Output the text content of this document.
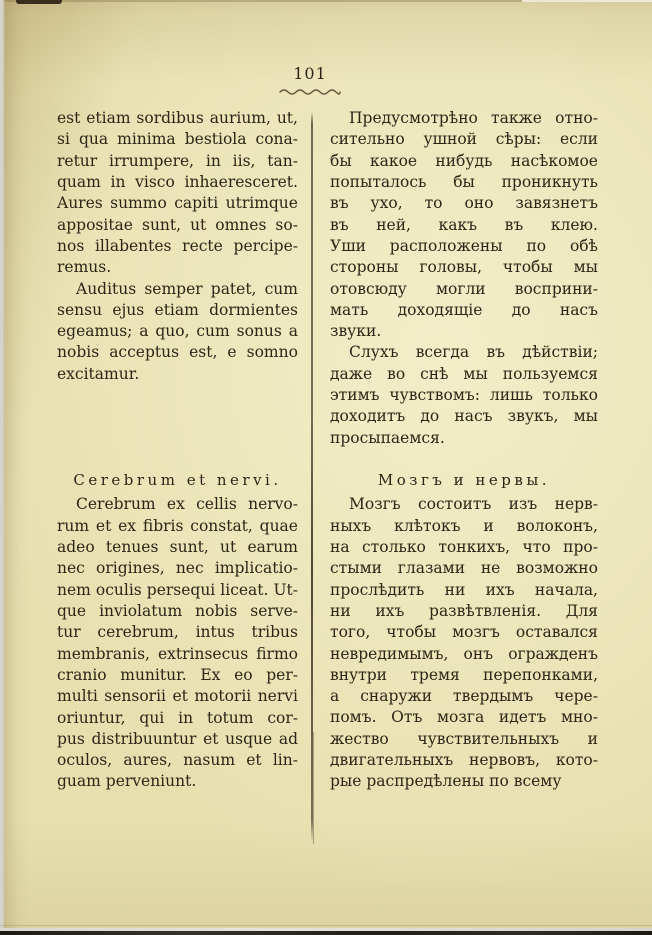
101
est etiam sordibus aurium, ut,
si qua minima bestiola cona-
retur irrumpere, in iis, tan-
quam in visco inhaeresceret.
Aures summo capiti utrimque
appositae sunt, ut omnes so-
nos illabentes recte percipe-
remus.
Auditus semper patet, cum
sensu ejus etiam dormientes
egeamus; a quo, cum sonus a
nobis acceptus est, e somno
excitamur.
Cerebrum et nervi.
Cerebrum ex cellis nervo-
rum et ex fibris constat, quae
adeo tenues sunt, ut earum
nec origines, nec implicatio-
nem oculis persequi liceat. Ut-
que inviolatum nobis serve-
tur cerebrum, intus tribus
membranis, extrinsecus firmo
cranio munitur. Ex eo per-
multi sensorii et motorii nervi
oriuntur, qui in totum cor-
pus distribuuntur et usque ad
oculos, aures, nasum et lin-
guam perveniunt.
Предусмотрѣно также отно-
сительно ушной сѣры: если
бы какое нибудь насѣкомое
попыталось бы проникнуть
въ ухо, то оно завязнетъ
въ ней, какъ въ клею.
Уши расположены по обѣ
стороны головы, чтобы мы
отовсюду могли восприни-
мать доходящіе до насъ
звуки.
Слухъ всегда въ дѣйствіи;
даже во снѣ мы пользуемся
этимъ чувствомъ: лишь только
доходитъ до насъ звукъ, мы
просыпаемся.
Мозгъ и нервы.
Мозгъ состоитъ изъ нерв-
ныхъ клѣтокъ и волоконъ,
на столько тонкихъ, что про-
стыми глазами не возможно
прослѣдить ни ихъ начала,
ни ихъ развѣтвленія. Для
того, чтобы мозгъ оставался
невредимымъ, онъ огражденъ
внутри тремя перепонками,
а снаружи твердымъ чере-
помъ. Отъ мозга идетъ мно-
жество чувствительныхъ и
двигательныхъ нервовъ, кото-
рые распредѣлены по всему
